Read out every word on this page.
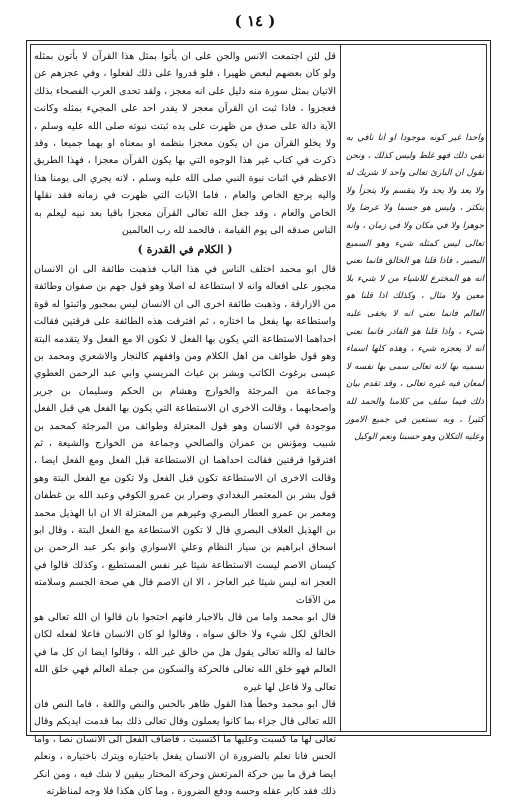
( ١٤ )

قل لئن اجتمعت الانس والجن على ان يأتوا بمثل هذا القرآن لا يأتون بمثله ولو كان بعضهم لبعض ظهيرا ، فلو قدروا على ذلك لفعلوا ، وفي عجزهم عن الاتيان بمثل سورة منه دليل على انه معجز ، ولقد تحدى العرب الفصحاء بذلك فعجزوا ، فاذا ثبت ان القرآن معجز لا يقدر احد على المجيء بمثله وكانت الآية دالة على صدق من ظهرت على يده ثبتت نبوته صلى الله عليه وسلم ، ولا يخلو القرآن من ان يكون معجزا بنظمه او بمعناه او بهما جميعا ، وقد ذكرت في كتاب غير هذا الوجوه التي بها يكون القرآن معجزا ، فهذا الطريق الاعظم في اثبات نبوة النبي صلى الله عليه وسلم ، لانه يجري الى يومنا هذا واليه يرجع الخاص والعام ، فاما الآيات التي ظهرت في زمانه فقد نقلها الخاص والعام ، وقد جعل الله تعالى القرآن معجزا باقيا بعد نبيه ليعلم به الناس صدقه الى يوم القيامة ، فالحمد لله رب العالمين

( الكلام في القدرة )

قال ابو محمد اختلف الناس في هذا الباب فذهبت طائفة الى ان الانسان مجبور على افعاله وانه لا استطاعة له اصلا وهو قول جهم بن صفوان وطائفة من الازارقة ، وذهبت طائفة اخرى الى ان الانسان ليس بمجبور واثبتوا له قوة واستطاعة بها يفعل ما اختاره ، ثم افترقت هذه الطائفة على فرقتين فقالت احداهما الاستطاعة التي يكون بها الفعل لا تكون الا مع الفعل ولا يتقدمه البتة وهو قول طوائف من اهل الكلام ومن وافقهم كالنجار والاشعري ومحمد بن عيسى برغوث الكاتب وبشر بن غياث المريسي وابي عبد الرحمن العطوي وجماعة من المرجئة والخوارج وهشام بن الحكم وسليمان بن جرير واصحابهما ، وقالت الاخرى ان الاستطاعة التي يكون بها الفعل هي قبل الفعل موجودة في الانسان وهو قول المعتزلة وطوائف من المرجئة كمحمد بن شبيب ومؤنس بن عمران والصالحي وجماعة من الخوارج والشيعة ، ثم افترقوا فرقتين فقالت احداهما ان الاستطاعة قبل الفعل ومع الفعل ايضا ، وقالت الاخرى ان الاستطاعة تكون قبل الفعل ولا تكون مع الفعل البتة وهو قول بشر بن المعتمر البغدادي وضرار بن عمرو الكوفي وعبد الله بن غطفان ومعمر بن عمرو العطار البصري وغيرهم من المعتزلة الا ان ابا الهذيل محمد بن الهذيل العلاف البصري قال لا تكون الاستطاعة مع الفعل البتة ، وقال ابو اسحاق ابراهيم بن سيار النظام وعلي الاسواري وابو بكر عبد الرحمن بن كيسان الاصم ليست الاستطاعة شيئا غير نفس المستطيع ، وكذلك قالوا في العجز انه ليس شيئا غير العاجز ، الا ان الاصم قال هي صحة الجسم وسلامته من الآفات

قال ابو محمد واما من قال بالاجبار فانهم احتجوا بان قالوا ان الله تعالى هو الخالق لكل شيء ولا خالق سواه ، وقالوا لو كان الانسان فاعلا لفعله لكان خالقا له والله تعالى يقول هل من خالق غير الله ، وقالوا ايضا ان كل ما في العالم فهو خلق الله تعالى فالحركة والسكون من جملة العالم فهي خلق الله تعالى ولا فاعل لها غيره

قال ابو محمد وخطأ هذا القول ظاهر بالحس والنص واللغة ، فاما النص فان الله تعالى قال جزاء بما كانوا يعملون وقال تعالى ذلك بما قدمت ايديكم وقال تعالى لها ما كسبت وعليها ما اكتسبت ، فاضاف الفعل الى الانسان نصا ، واما الحس فانا نعلم بالضرورة ان الانسان يفعل باختياره ويترك باختياره ، ونعلم ايضا فرق ما بين حركة المرتعش وحركة المختار بيقين لا شك فيه ، ومن انكر ذلك فقد كابر عقله وحسه ودفع الضرورة ، وما كان هكذا فلا وجه لمناظرته

واحدا غير كونه موجودا او انا نافي به نفي ذلك فهو غلط وليس كذلك ، ونحن نقول ان البارئ تعالى واحد لا شريك له ولا يعد ولا يحد ولا ينقسم ولا يتجزأ ولا يتكثر ، وليس هو جسما ولا عرضا ولا جوهرا ولا في مكان ولا في زمان ، وانه تعالى ليس كمثله شيء وهو السميع البصير ، فاذا قلنا هو الخالق فانما نعني انه هو المخترع للاشياء من لا شيء بلا معين ولا مثال ، وكذلك اذا قلنا هو العالم فانما نعني انه لا يخفى عليه شيء ، واذا قلنا هو القادر فانما نعني انه لا يعجزه شيء ، وهذه كلها اسماء نسميه بها لانه تعالى سمى بها نفسه لا لمعان فيه غيره تعالى ، وقد تقدم بيان ذلك فيما سلف من كلامنا والحمد لله كثيرا ، وبه نستعين في جميع الامور وعليه التكلان وهو حسبنا ونعم الوكيل
